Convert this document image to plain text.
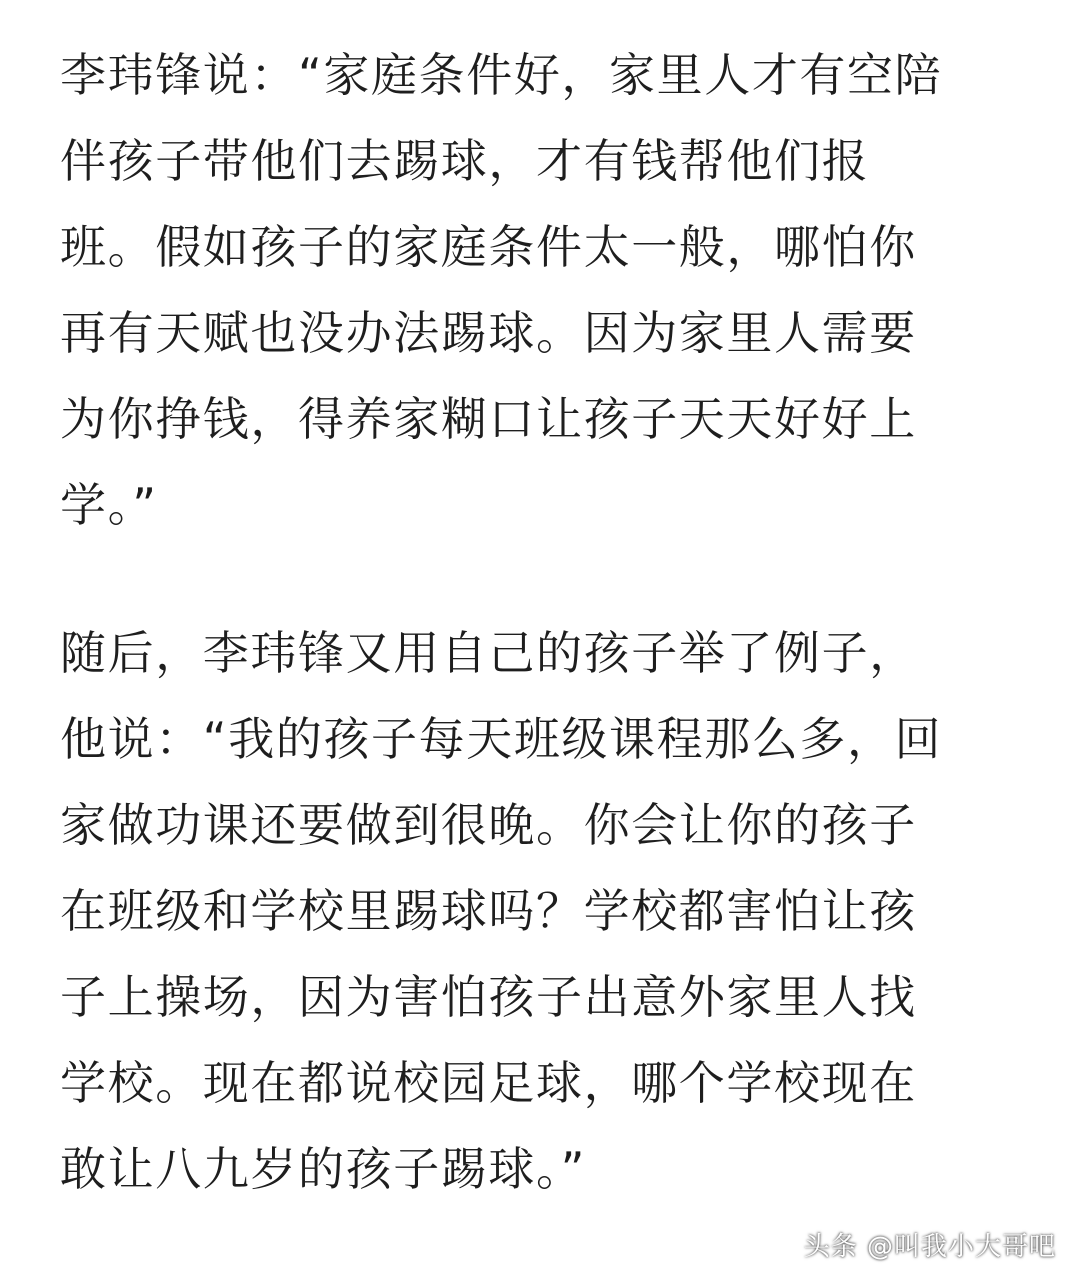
李玮锋说：“家庭条件好，家里人才有空陪
伴孩子带他们去踢球，才有钱帮他们报
班。假如孩子的家庭条件太一般，哪怕你
再有天赋也没办法踢球。因为家里人需要
为你挣钱，得养家糊口让孩子天天好好上
学。”
随后，李玮锋又用自己的孩子举了例子，
他说：“我的孩子每天班级课程那么多，回
家做功课还要做到很晚。你会让你的孩子
在班级和学校里踢球吗？学校都害怕让孩
子上操场，因为害怕孩子出意外家里人找
学校。现在都说校园足球，哪个学校现在
敢让八九岁的孩子踢球。”
头条 @叫我小大哥吧
